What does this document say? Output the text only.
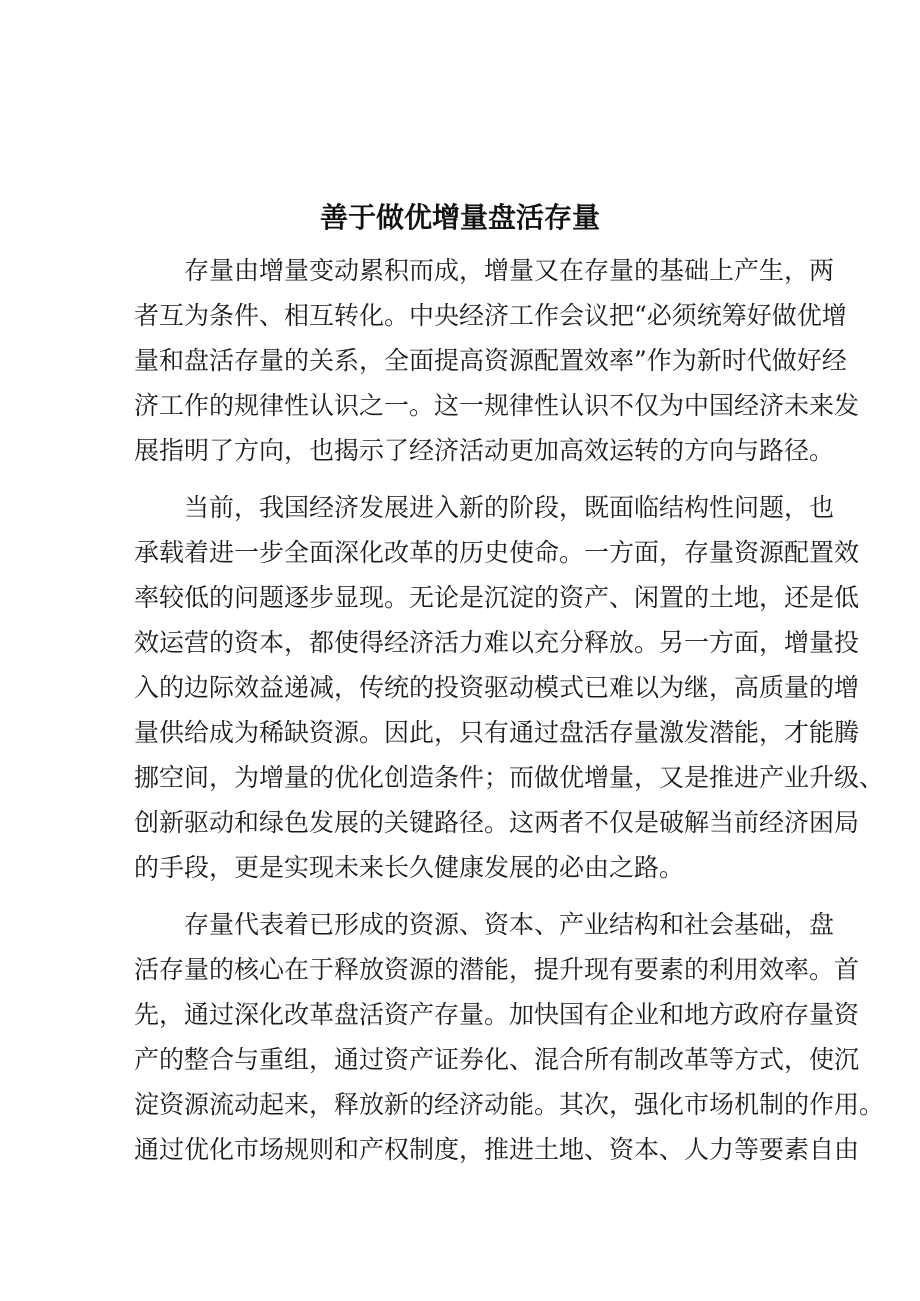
善于做优增量盘活存量

存量由增量变动累积而成，增量又在存量的基础上产生，两
者互为条件、相互转化。中央经济工作会议把“必须统筹好做优增
量和盘活存量的关系，全面提高资源配置效率”作为新时代做好经
济工作的规律性认识之一。这一规律性认识不仅为中国经济未来发
展指明了方向，也揭示了经济活动更加高效运转的方向与路径。

当前，我国经济发展进入新的阶段，既面临结构性问题，也
承载着进一步全面深化改革的历史使命。一方面，存量资源配置效
率较低的问题逐步显现。无论是沉淀的资产、闲置的土地，还是低
效运营的资本，都使得经济活力难以充分释放。另一方面，增量投
入的边际效益递减，传统的投资驱动模式已难以为继，高质量的增
量供给成为稀缺资源。因此，只有通过盘活存量激发潜能，才能腾
挪空间，为增量的优化创造条件；而做优增量，又是推进产业升级、
创新驱动和绿色发展的关键路径。这两者不仅是破解当前经济困局
的手段，更是实现未来长久健康发展的必由之路。

存量代表着已形成的资源、资本、产业结构和社会基础，盘
活存量的核心在于释放资源的潜能，提升现有要素的利用效率。首
先，通过深化改革盘活资产存量。加快国有企业和地方政府存量资
产的整合与重组，通过资产证券化、混合所有制改革等方式，使沉
淀资源流动起来，释放新的经济动能。其次，强化市场机制的作用。
通过优化市场规则和产权制度，推进土地、资本、人力等要素自由
